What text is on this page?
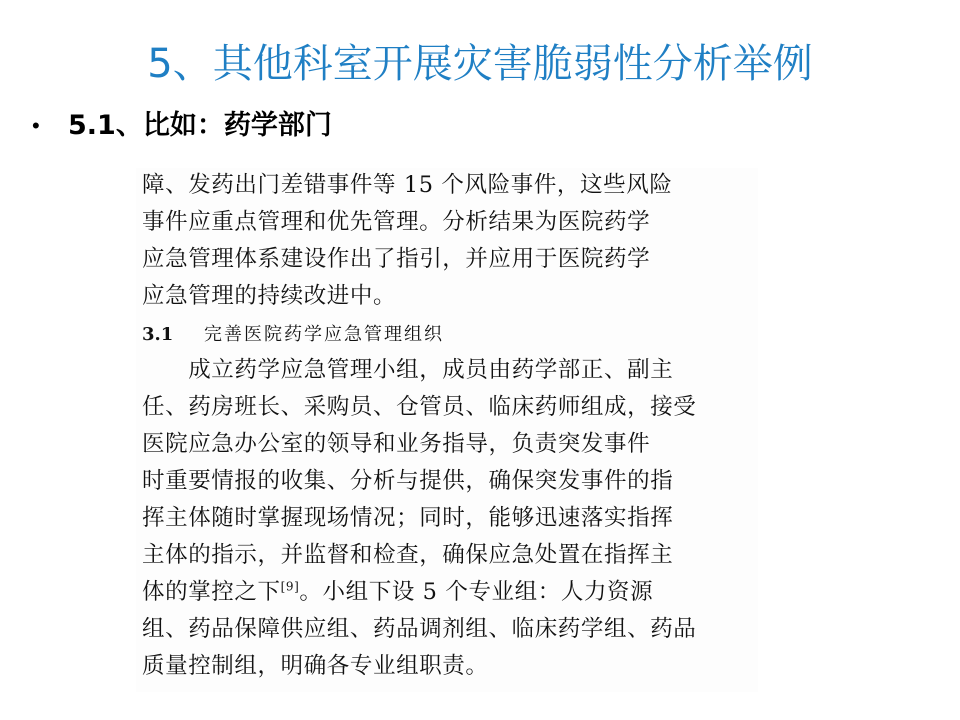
5、其他科室开展灾害脆弱性分析举例
•	5.1、比如：药学部门
障、发药出门差错事件等 15 个风险事件，这些风险
事件应重点管理和优先管理。分析结果为医院药学
应急管理体系建设作出了指引，并应用于医院药学
应急管理的持续改进中。
3.1 完善医院药学应急管理组织
　　成立药学应急管理小组，成员由药学部正、副主
任、药房班长、采购员、仓管员、临床药师组成，接受
医院应急办公室的领导和业务指导，负责突发事件
时重要情报的收集、分析与提供，确保突发事件的指
挥主体随时掌握现场情况；同时，能够迅速落实指挥
主体的指示，并监督和检查，确保应急处置在指挥主
体的掌控之下[9]。小组下设 5 个专业组：人力资源
组、药品保障供应组、药品调剂组、临床药学组、药品
质量控制组，明确各专业组职责。
